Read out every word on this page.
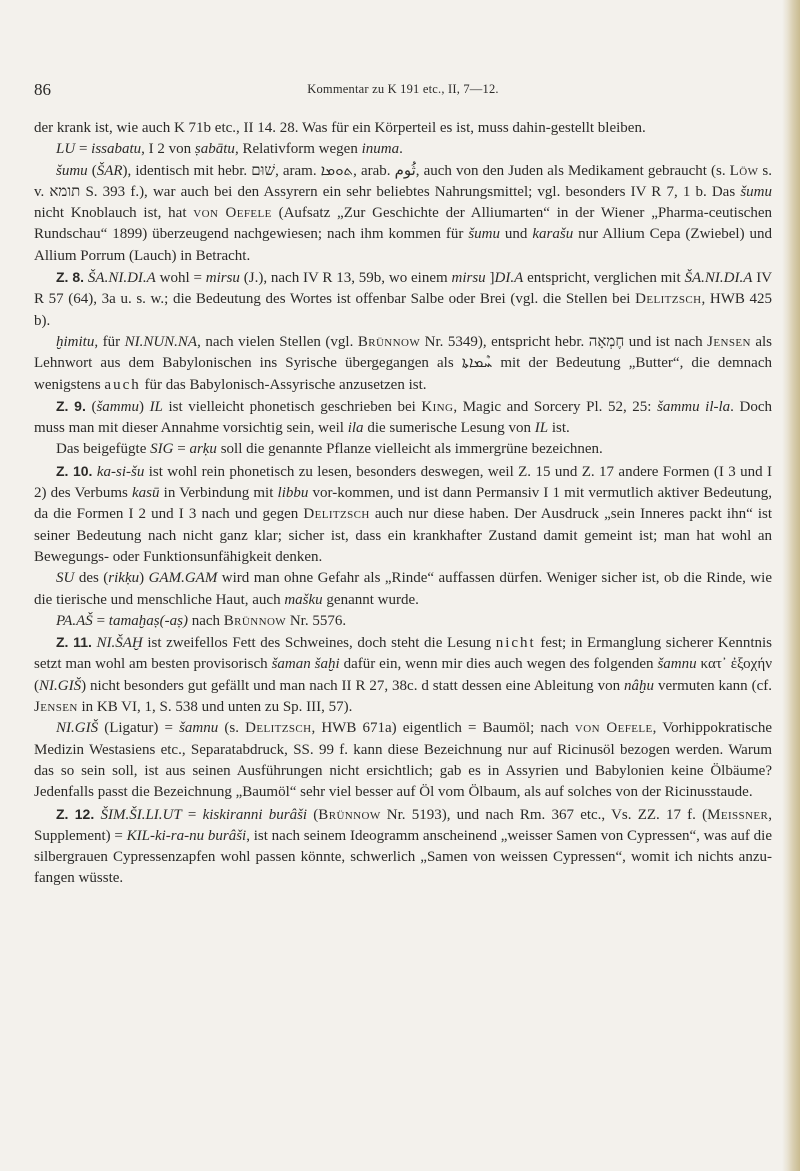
86	Kommentar zu K 191 etc., II, 7—12.

der krank ist, wie auch K 71b etc., II 14. 28. Was für ein Körperteil es ist, muss dahin-gestellt bleiben.

LU = issabatu, I 2 von ṣabātu, Relativform wegen inuma.

šumu (ŠAR), identisch mit hebr. שׁוּם, aram. ܬܘܡܐ, arab. ثُوم, auch von den Juden als Medikament gebraucht (s. Löw s. v. תומא S. 393 f.), war auch bei den Assyrern ein sehr beliebtes Nahrungsmittel; vgl. besonders IV R 7, 1 b. Das šumu nicht Knoblauch ist, hat von Oefele (Aufsatz „Zur Geschichte der Alliumarten“ in der Wiener „Pharma-ceutischen Rundschau“ 1899) überzeugend nachgewiesen; nach ihm kommen für šumu und karašu nur Allium Cepa (Zwiebel) und Allium Porrum (Lauch) in Betracht.

Z. 8. ŠA.NI.DI.A wohl = mirsu (J.), nach IV R 13, 59b, wo einem mirsu ]DI.A entspricht, verglichen mit ŠA.NI.DI.A IV R 57 (64), 3a u. s. w.; die Bedeutung des Wortes ist offenbar Salbe oder Brei (vgl. die Stellen bei Delitzsch, HWB 425 b).

ḫimitu, für NI.NUN.NA, nach vielen Stellen (vgl. Brünnow Nr. 5349), entspricht hebr. חֶמְאָה und ist nach Jensen als Lehnwort aus dem Babylonischen ins Syrische übergegangen als ܚܶܡܐܬܐ mit der Bedeutung „Butter“, die demnach wenigstens auch für das Babylonisch-Assyrische anzusetzen ist.

Z. 9. (šammu) IL ist vielleicht phonetisch geschrieben bei King, Magic and Sorcery Pl. 52, 25: šammu il-la. Doch muss man mit dieser Annahme vorsichtig sein, weil ila die sumerische Lesung von IL ist.

Das beigefügte SIG = arḳu soll die genannte Pflanze vielleicht als immergrüne bezeichnen.

Z. 10. ka-si-šu ist wohl rein phonetisch zu lesen, besonders deswegen, weil Z. 15 und Z. 17 andere Formen (I 3 und I 2) des Verbums kasū in Verbindung mit libbu vor-kommen, und ist dann Permansiv I 1 mit vermutlich aktiver Bedeutung, da die Formen I 2 und I 3 nach und gegen Delitzsch auch nur diese haben. Der Ausdruck „sein Inneres packt ihn“ ist seiner Bedeutung nach nicht ganz klar; sicher ist, dass ein krankhafter Zustand damit gemeint ist; man hat wohl an Bewegungs- oder Funktionsunfähigkeit denken.

SU des (rikḳu) GAM.GAM wird man ohne Gefahr als „Rinde“ auffassen dürfen. Weniger sicher ist, ob die Rinde, wie die tierische und menschliche Haut, auch mašku genannt wurde.

PA.AŠ = tamaḫaṣ(-aṣ) nach Brünnow Nr. 5576.

Z. 11. NI.ŠAḪ ist zweifellos Fett des Schweines, doch steht die Lesung nicht fest; in Ermanglung sicherer Kenntnis setzt man wohl am besten provisorisch šaman šaḫi dafür ein, wenn mir dies auch wegen des folgenden šamnu κατ᾽ ἐξοχήν (NI.GIŠ) nicht besonders gut gefällt und man nach II R 27, 38c. d statt dessen eine Ableitung von nâḫu vermuten kann (cf. Jensen in KB VI, 1, S. 538 und unten zu Sp. III, 57).

NI.GIŠ (Ligatur) = šamnu (s. Delitzsch, HWB 671a) eigentlich = Baumöl; nach von Oefele, Vorhippokratische Medizin Westasiens etc., Separatabdruck, SS. 99 f. kann diese Bezeichnung nur auf Ricinusöl bezogen werden. Warum das so sein soll, ist aus seinen Ausführungen nicht ersichtlich; gab es in Assyrien und Babylonien keine Ölbäume? Jedenfalls passt die Bezeichnung „Baumöl“ sehr viel besser auf Öl vom Ölbaum, als auf solches von der Ricinusstaude.

Z. 12. ŠIM.ŠI.LI.UT = kiskiranni burâši (Brünnow Nr. 5193), und nach Rm. 367 etc., Vs. ZZ. 17 f. (Meissner, Supplement) = KIL-ki-ra-nu burâši, ist nach seinem Ideogramm anscheinend „weisser Samen von Cypressen“, was auf die silbergrauen Cypressenzapfen wohl passen könnte, schwerlich „Samen von weissen Cypressen“, womit ich nichts anzu-fangen wüsste.
